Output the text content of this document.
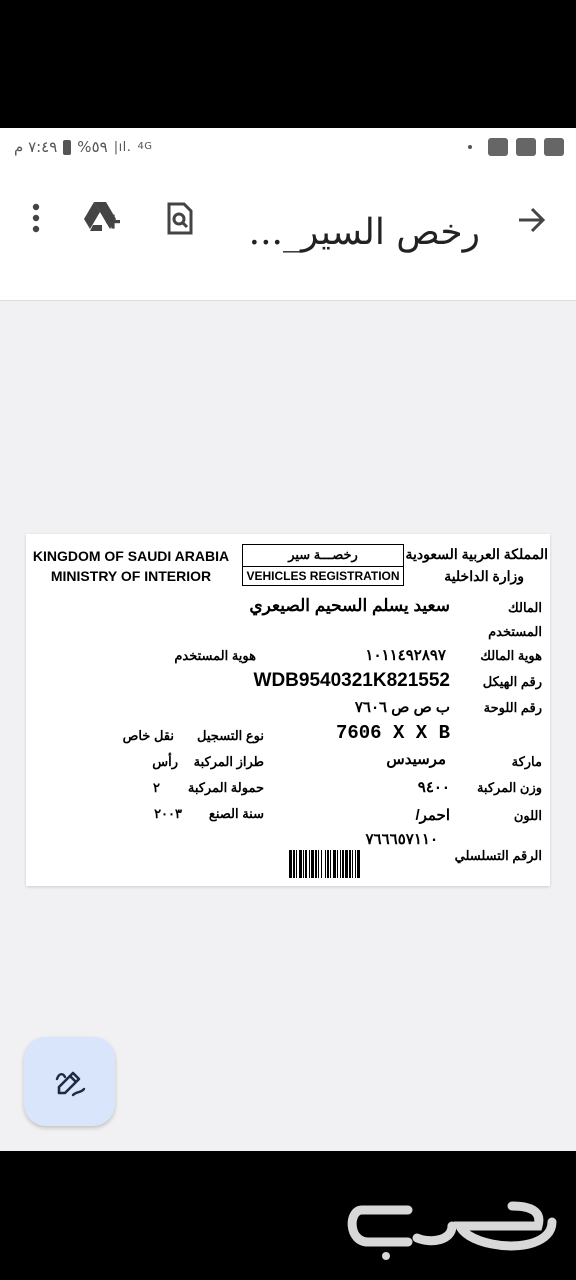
٧:٤٩ م %٥٩ |ıl. 4G
رخص السير_...
KINGDOM OF SAUDI ARABIA
MINISTRY OF INTERIOR
رخصـــة سير
VEHICLES REGISTRATION
المملكة العربية السعودية
وزارة الداخلية
المالك
المستخدم
هوية المالك
رقم الهيكل
رقم اللوحة
ماركة
وزن المركبة
اللون
الرقم التسلسلي
سعيد يسلم السحيم الصيعري
١٠١١٤٩٢٨٩٧
WDB9540321K821552
ب ص ص ٧٦٠٦
7606 X X B
مرسيدس
٩٤٠٠
احمر/
٧٦٦٦٥٧١١٠
هوية المستخدم
نوع التسجيل
نقل خاص
طراز المركبة
رأس
حمولة المركبة
٢
سنة الصنع
٢٠٠٣
